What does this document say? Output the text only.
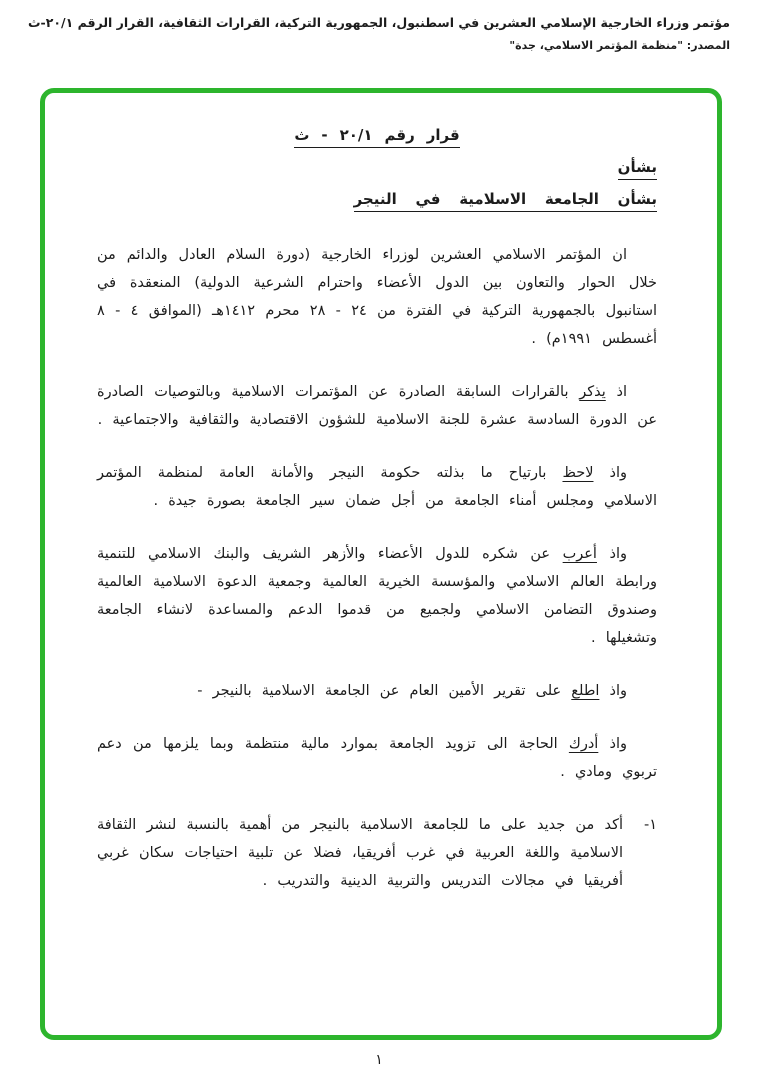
مؤتمر وزراء الخارجية الإسلامي العشرين في اسطنبول، الجمهورية التركية، القرارات الثقافية، القرار الرقم ٢٠/١-ث
المصدر: "منظمة المؤتمر الاسلامي، جدة"
قرار رقم ٢٠/١ - ث
بشأن
بشأن الجامعة الاسلامية في النيجر

ان المؤتمر الاسلامي العشرين لوزراء الخارجية (دورة السلام العادل والدائم من خلال الحوار والتعاون بين الدول الأعضاء واحترام الشرعية الدولية) المنعقدة في استانبول بالجمهورية التركية في الفترة من ٢٤ - ٢٨ محرم ١٤١٢هـ (الموافق ٤ - ٨ أغسطس ١٩٩١م) .

اذ يذكر بالقرارات السابقة الصادرة عن المؤتمرات الاسلامية وبالتوصيات الصادرة عن الدورة السادسة عشرة للجنة الاسلامية للشؤون الاقتصادية والثقافية والاجتماعية .

واذ لاحظ بارتياح ما بذلته حكومة النيجر والأمانة العامة لمنظمة المؤتمر الاسلامي ومجلس أمناء الجامعة من أجل ضمان سير الجامعة بصورة جيدة .

واذ أعرب عن شكره للدول الأعضاء والأزهر الشريف والبنك الاسلامي للتنمية ورابطة العالم الاسلامي والمؤسسة الخيرية العالمية وجمعية الدعوة الاسلامية العالمية وصندوق التضامن الاسلامي ولجميع من قدموا الدعم والمساعدة لانشاء الجامعة وتشغيلها .

واذ اطلع على تقرير الأمين العام عن الجامعة الاسلامية بالنيجر -

واذ أدرك الحاجة الى تزويد الجامعة بموارد مالية منتظمة وبما يلزمها من دعم تربوي ومادي .

١-
أكد من جديد على ما للجامعة الاسلامية بالنيجر من أهمية بالنسبة لنشر الثقافة الاسلامية واللغة العربية في غرب أفريقيا، فضلا عن تلبية احتياجات سكان غربي أفريقيا في مجالات التدريس والتربية الدينية والتدريب .
١
